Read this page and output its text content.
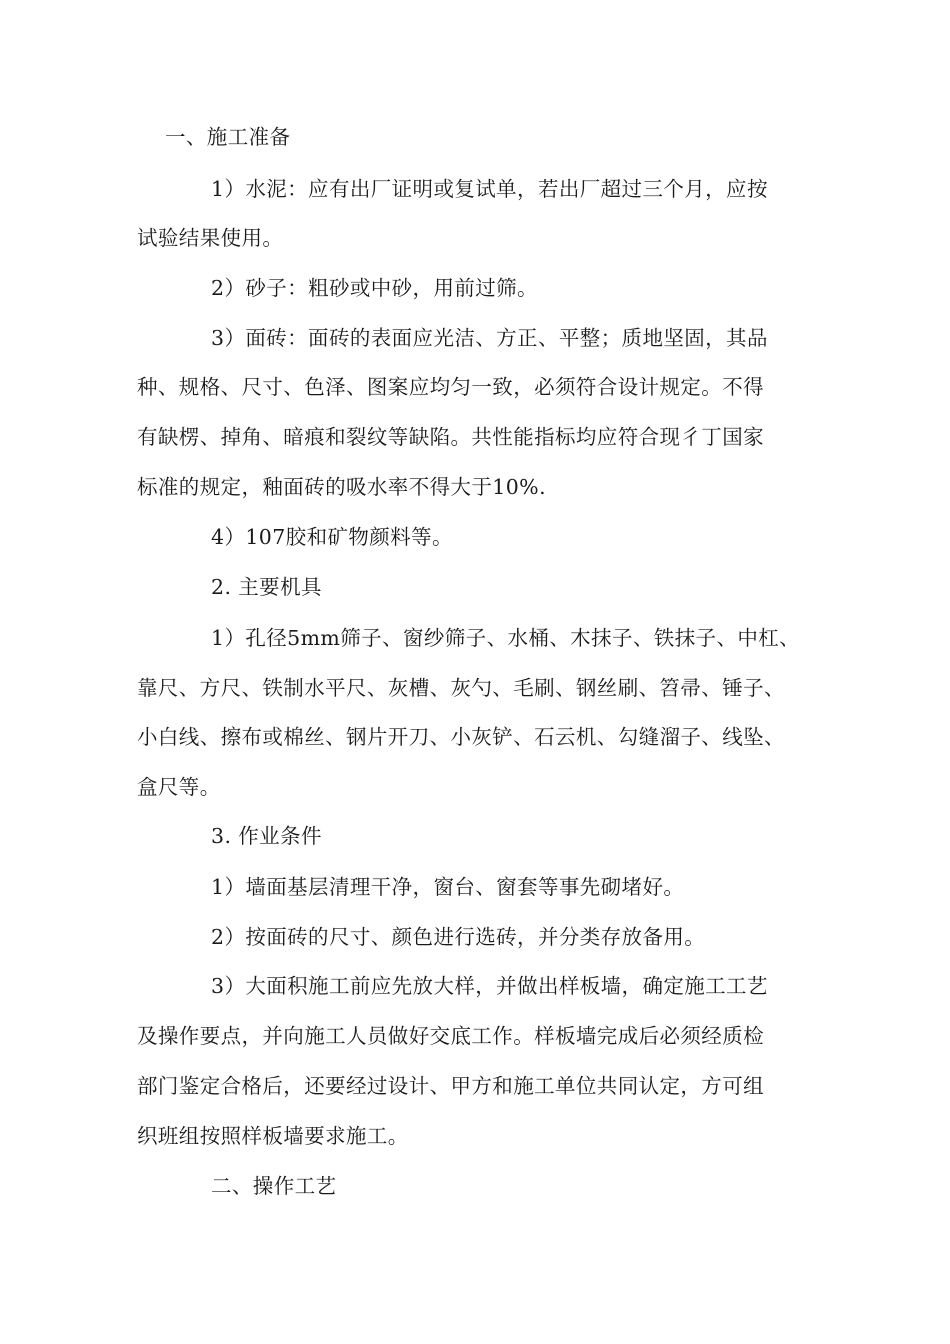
一、施工准备
1）水泥：应有出厂证明或复试单，若出厂超过三个月，应按
试验结果使用。
2）砂子：粗砂或中砂，用前过筛。
3）面砖：面砖的表面应光洁、方正、平整；质地坚固，其品
种、规格、尺寸、色泽、图案应均匀一致，必须符合设计规定。不得
有缺楞、掉角、暗痕和裂纹等缺陷。共性能指标均应符合现彳丁国家
标准的规定，釉面砖的吸水率不得大于10%.
4）107胶和矿物颜料等。
2. 主要机具
1）孔径5mm筛子、窗纱筛子、水桶、木抹子、铁抹子、中杠、
靠尺、方尺、铁制水平尺、灰槽、灰勺、毛刷、钢丝刷、笤帚、锤子、
小白线、擦布或棉丝、钢片开刀、小灰铲、石云机、勾缝溜子、线坠、
盒尺等。
3. 作业条件
1）墙面基层清理干净，窗台、窗套等事先砌堵好。
2）按面砖的尺寸、颜色进行选砖，并分类存放备用。
3）大面积施工前应先放大样，并做出样板墙，确定施工工艺
及操作要点，并向施工人员做好交底工作。样板墙完成后必须经质检
部门鉴定合格后，还要经过设计、甲方和施工单位共同认定，方可组
织班组按照样板墙要求施工。
二、操作工艺
